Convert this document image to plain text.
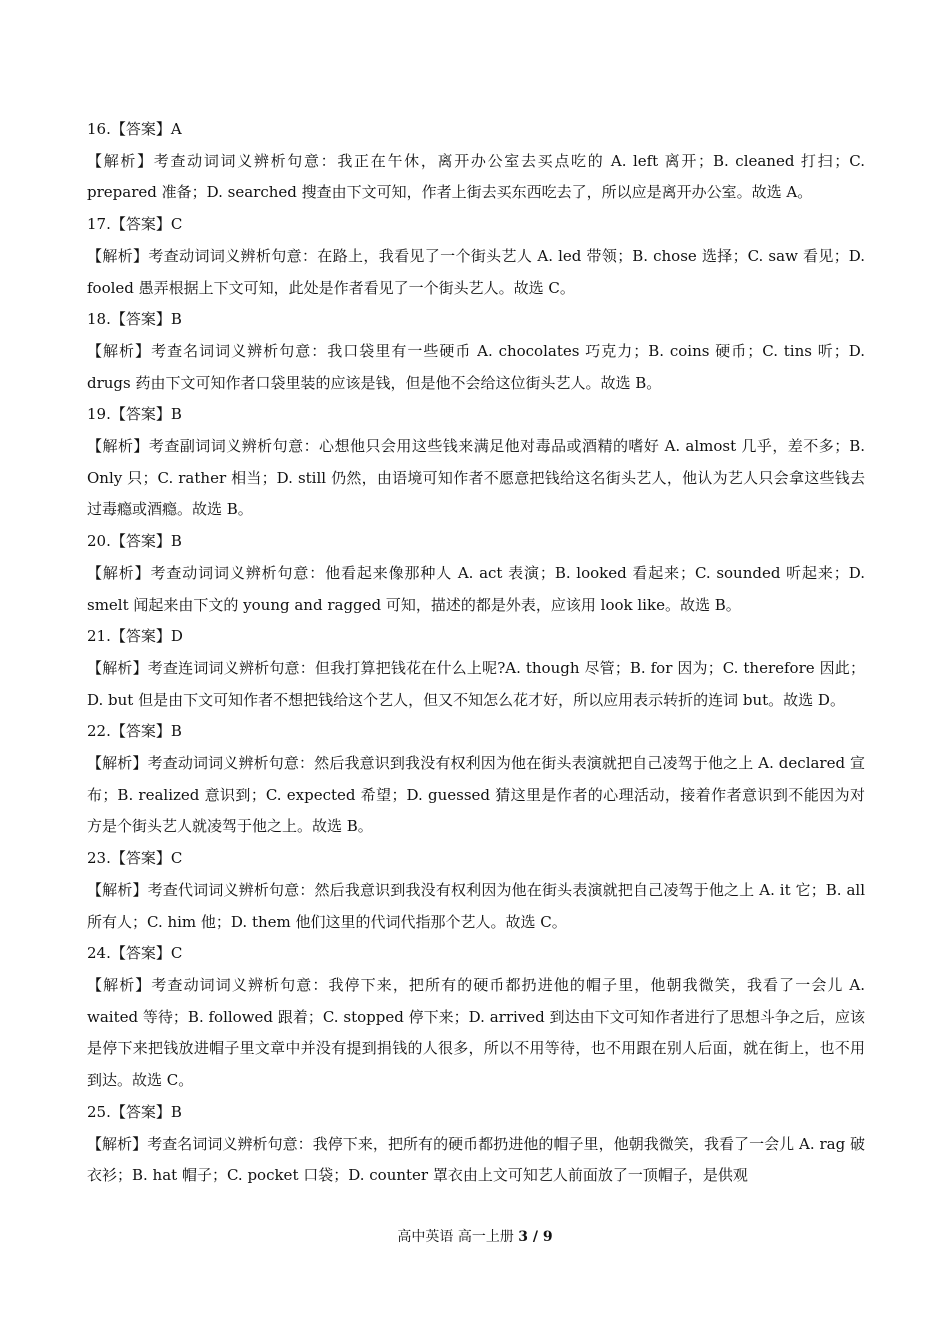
16.【答案】A

【解析】考查动词词义辨析句意：我正在午休，离开办公室去买点吃的 A. left 离开；B. cleaned 打扫；C. prepared 准备；D. searched 搜查由下文可知，作者上街去买东西吃去了，所以应是离开办公室。故选 A。

17.【答案】C

【解析】考查动词词义辨析句意：在路上，我看见了一个街头艺人 A. led 带领；B. chose 选择；C. saw 看见；D. fooled 愚弄根据上下文可知，此处是作者看见了一个街头艺人。故选 C。

18.【答案】B

【解析】考查名词词义辨析句意：我口袋里有一些硬币 A. chocolates 巧克力；B. coins 硬币；C. tins 听；D. drugs 药由下文可知作者口袋里装的应该是钱，但是他不会给这位街头艺人。故选 B。

19.【答案】B

【解析】考查副词词义辨析句意：心想他只会用这些钱来满足他对毒品或酒精的嗜好 A. almost 几乎，差不多；B. Only 只；C. rather 相当；D. still 仍然，由语境可知作者不愿意把钱给这名街头艺人，他认为艺人只会拿这些钱去过毒瘾或酒瘾。故选 B。

20.【答案】B

【解析】考查动词词义辨析句意：他看起来像那种人 A. act 表演；B. looked 看起来；C. sounded 听起来；D. smelt 闻起来由下文的 young and ragged 可知，描述的都是外表，应该用 look like。故选 B。

21.【答案】D

【解析】考查连词词义辨析句意：但我打算把钱花在什么上呢?A. though 尽管；B. for 因为；C. therefore 因此；D. but 但是由下文可知作者不想把钱给这个艺人，但又不知怎么花才好，所以应用表示转折的连词 but。故选 D。

22.【答案】B

【解析】考查动词词义辨析句意：然后我意识到我没有权利因为他在街头表演就把自己凌驾于他之上 A. declared 宣布；B. realized 意识到；C. expected 希望；D. guessed 猜这里是作者的心理活动，接着作者意识到不能因为对方是个街头艺人就凌驾于他之上。故选 B。

23.【答案】C

【解析】考查代词词义辨析句意：然后我意识到我没有权利因为他在街头表演就把自己凌驾于他之上 A. it 它；B. all 所有人；C. him 他；D. them 他们这里的代词代指那个艺人。故选 C。

24.【答案】C

【解析】考查动词词义辨析句意：我停下来，把所有的硬币都扔进他的帽子里，他朝我微笑，我看了一会儿 A. waited 等待；B. followed 跟着；C. stopped 停下来；D. arrived 到达由下文可知作者进行了思想斗争之后，应该是停下来把钱放进帽子里文章中并没有提到捐钱的人很多，所以不用等待，也不用跟在别人后面，就在街上，也不用到达。故选 C。

25.【答案】B

【解析】考查名词词义辨析句意：我停下来，把所有的硬币都扔进他的帽子里，他朝我微笑，我看了一会儿 A. rag 破衣衫；B. hat 帽子；C. pocket 口袋；D. counter 罩衣由上文可知艺人前面放了一顶帽子，是供观

高中英语 高一上册 3 / 9
